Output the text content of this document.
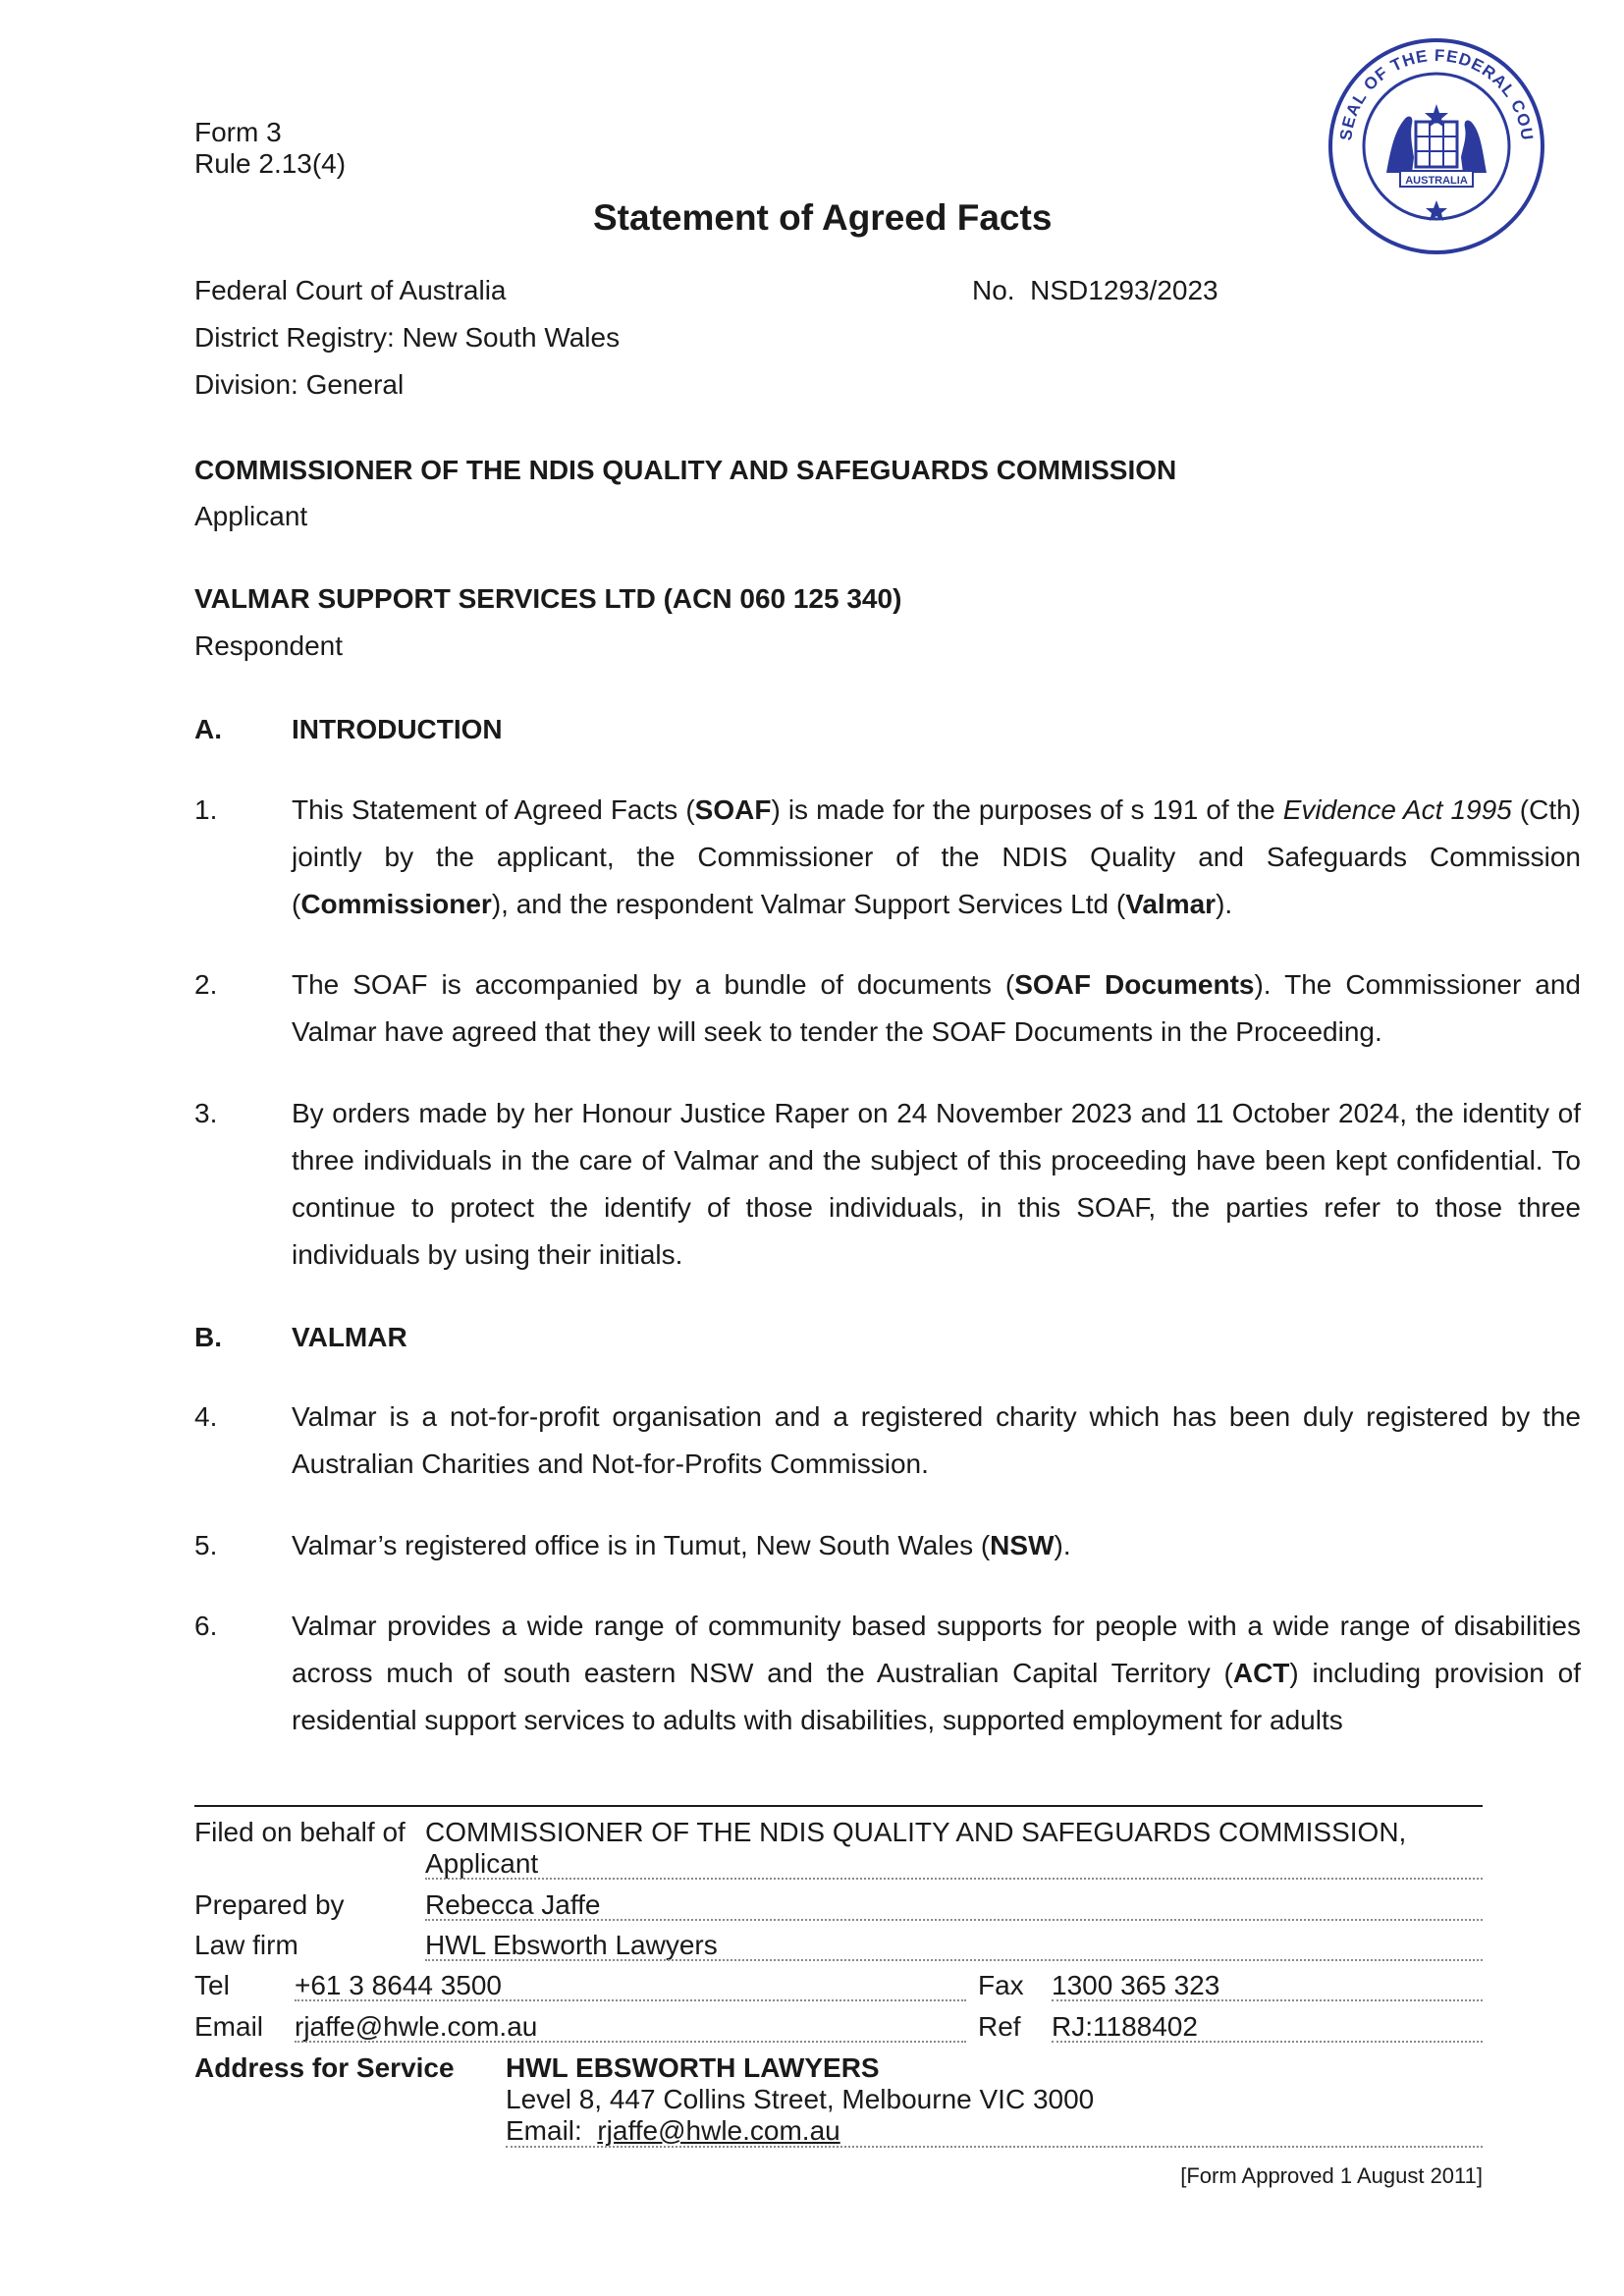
Form 3
Rule 2.13(4)
SEAL OF THE FEDERAL COU
AUSTRALIA
Statement of Agreed Facts
Federal Court of Australia	No. NSD1293/2023
District Registry: New South Wales
Division: General
COMMISSIONER OF THE NDIS QUALITY AND SAFEGUARDS COMMISSION
Applicant
VALMAR SUPPORT SERVICES LTD (ACN 060 125 340)
Respondent
A.	INTRODUCTION
1.	This Statement of Agreed Facts (SOAF) is made for the purposes of s 191 of the Evidence Act 1995 (Cth) jointly by the applicant, the Commissioner of the NDIS Quality and Safeguards Commission (Commissioner), and the respondent Valmar Support Services Ltd (Valmar).
2.	The SOAF is accompanied by a bundle of documents (SOAF Documents). The Commissioner and Valmar have agreed that they will seek to tender the SOAF Documents in the Proceeding.
3.	By orders made by her Honour Justice Raper on 24 November 2023 and 11 October 2024, the identity of three individuals in the care of Valmar and the subject of this proceeding have been kept confidential. To continue to protect the identify of those individuals, in this SOAF, the parties refer to those three individuals by using their initials.
B.	VALMAR
4.	Valmar is a not-for-profit organisation and a registered charity which has been duly registered by the Australian Charities and Not-for-Profits Commission.
5.	Valmar’s registered office is in Tumut, New South Wales (NSW).
6.	Valmar provides a wide range of community based supports for people with a wide range of disabilities across much of south eastern NSW and the Australian Capital Territory (ACT) including provision of residential support services to adults with disabilities, supported employment for adults
Filed on behalf of COMMISSIONER OF THE NDIS QUALITY AND SAFEGUARDS COMMISSION,
Applicant
Prepared by	Rebecca Jaffe
Law firm	HWL Ebsworth Lawyers
Tel +61 3 8644 3500	Fax 1300 365 323
Email rjaffe@hwle.com.au	Ref RJ:1188402
Address for Service HWL EBSWORTH LAWYERS
Level 8, 447 Collins Street, Melbourne VIC 3000
Email: rjaffe@hwle.com.au
[Form Approved 1 August 2011]
